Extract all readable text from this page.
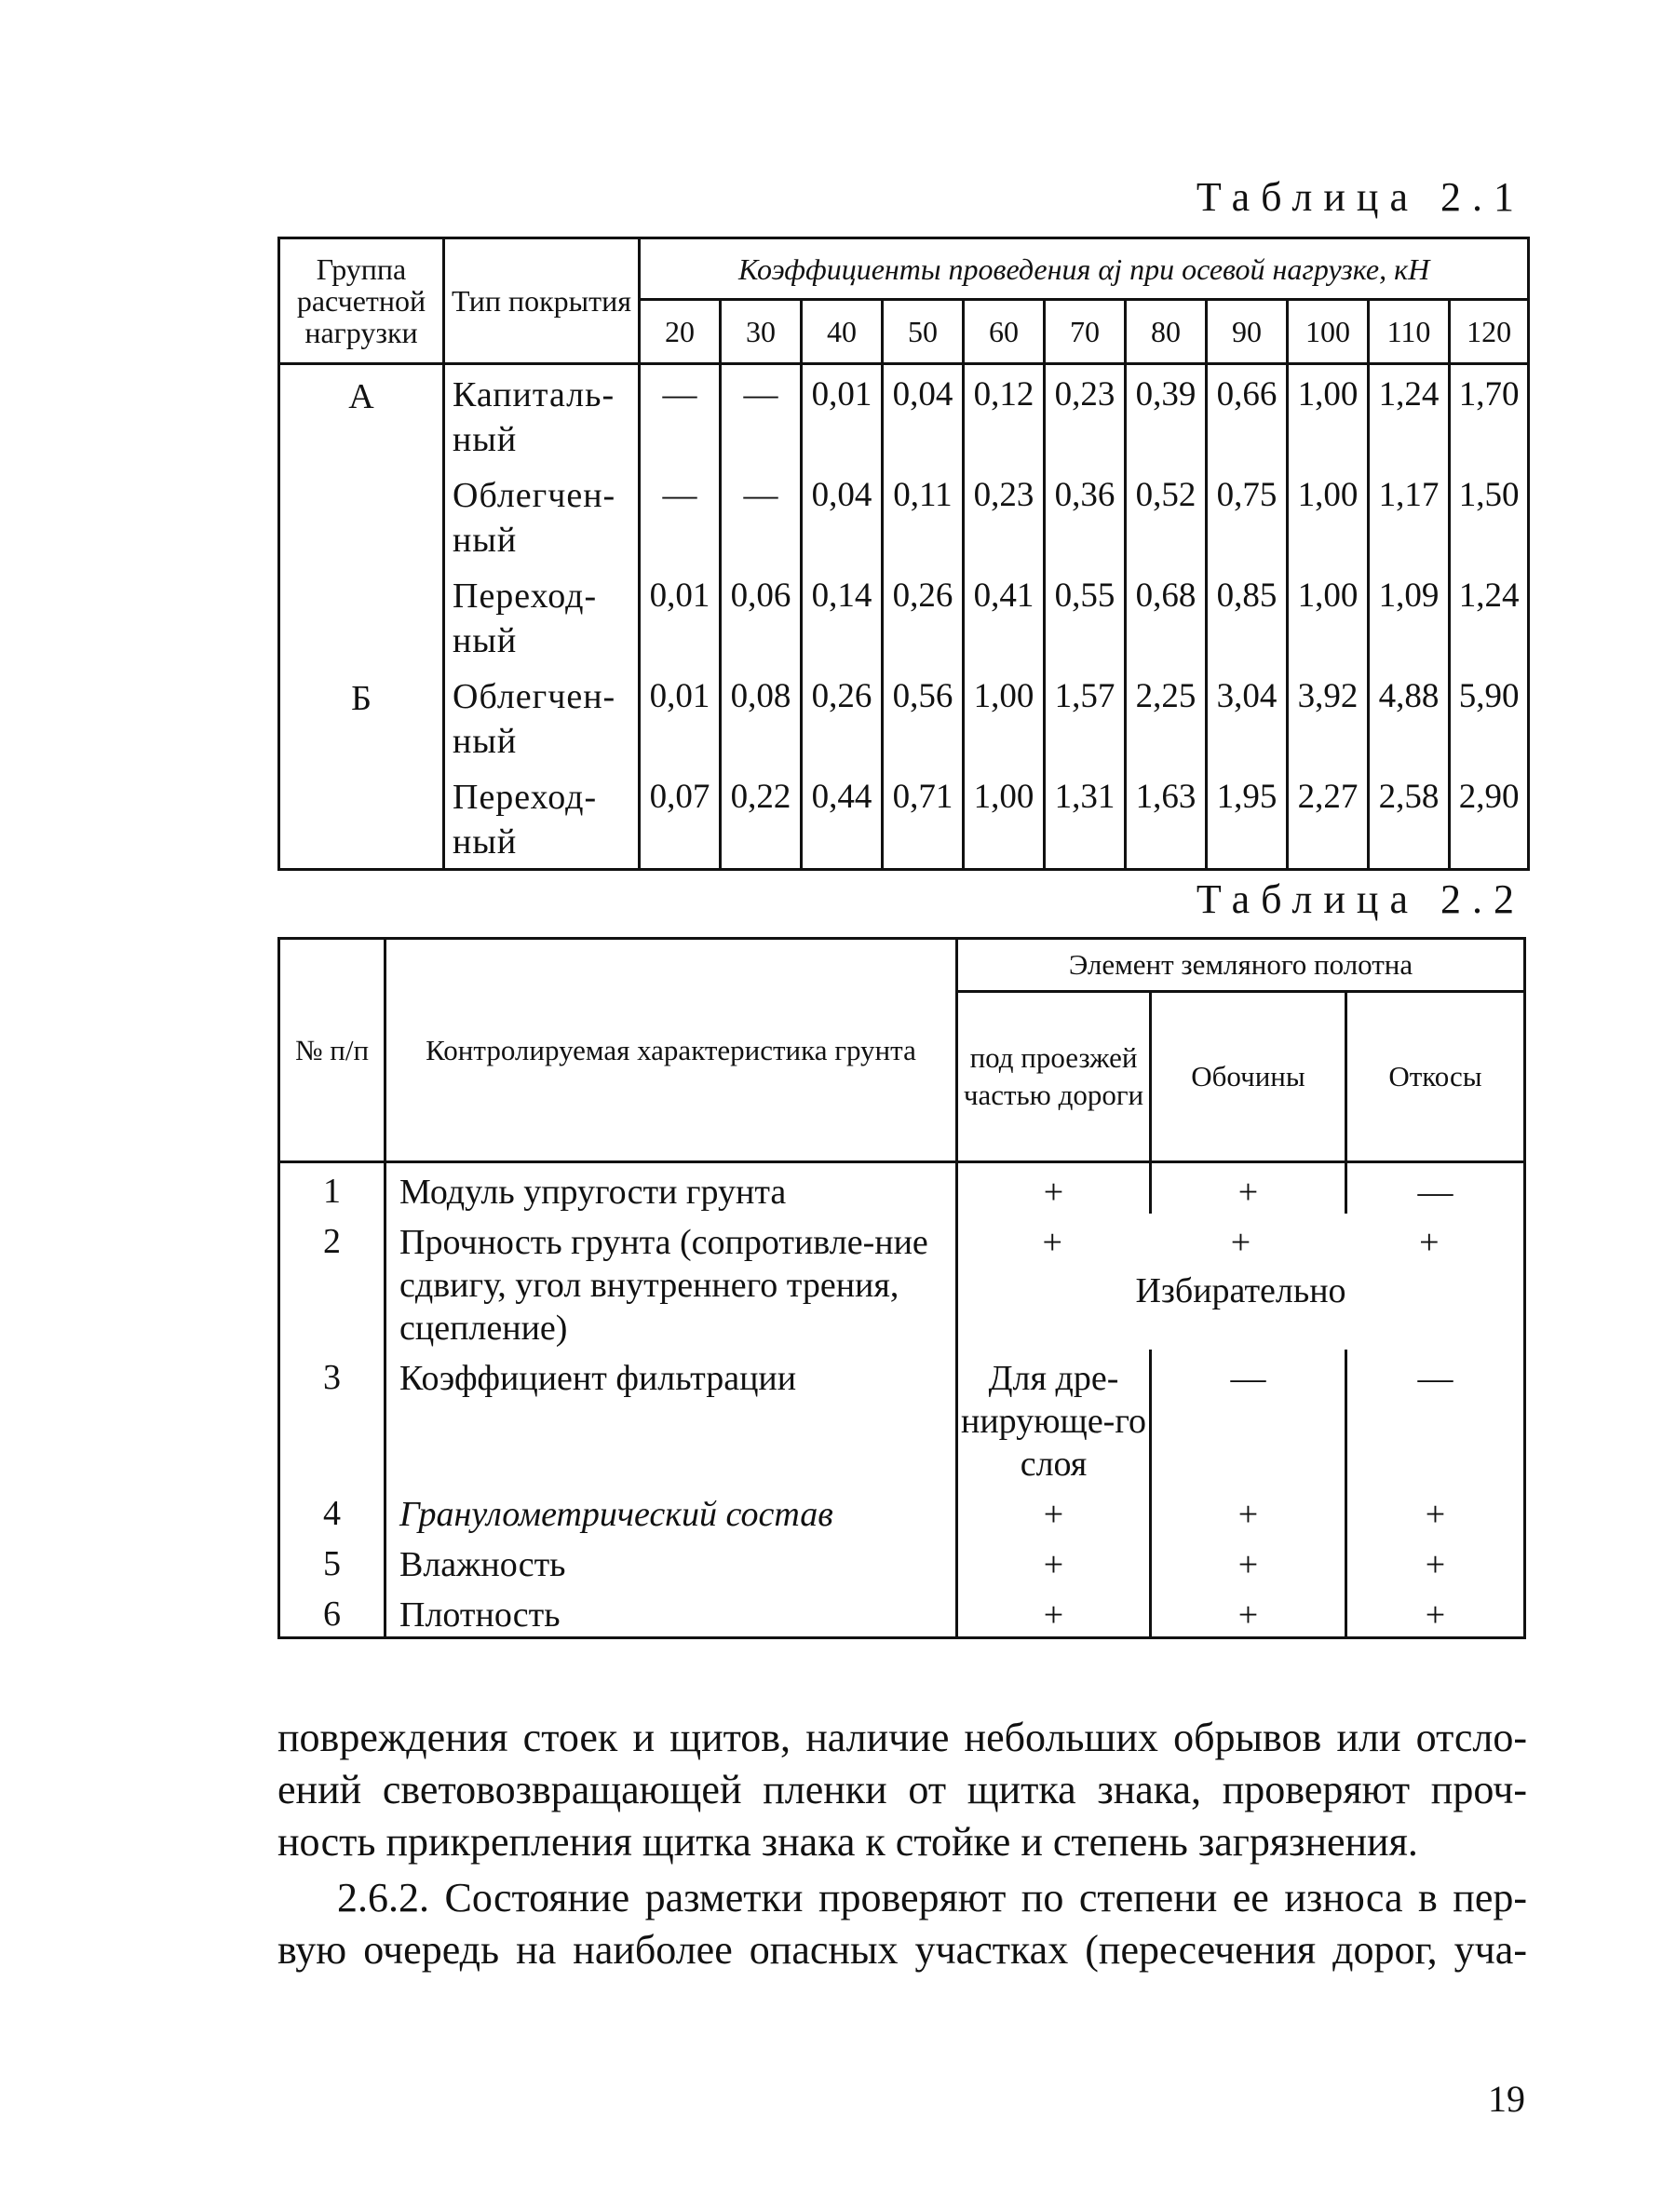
Таблица 2.1
Группа расчетной нагрузки	Тип покрытия	Коэффициенты проведения αj при осевой нагрузке, кН										
		20	30	40	50	60	70	80	90	100	110	120
А	Капиталь-ный	—	—	0,01	0,04	0,12	0,23	0,39	0,66	1,00	1,24	1,70
	Облегчен-ный	—	—	0,04	0,11	0,23	0,36	0,52	0,75	1,00	1,17	1,50
	Переход-ный	0,01	0,06	0,14	0,26	0,41	0,55	0,68	0,85	1,00	1,09	1,24
Б	Облегчен-ный	0,01	0,08	0,26	0,56	1,00	1,57	2,25	3,04	3,92	4,88	5,90
	Переход-ный	0,07	0,22	0,44	0,71	1,00	1,31	1,63	1,95	2,27	2,58	2,90
Таблица 2.2
№ п/п	Контролируемая характеристика грунта	Элемент земляного полотна		
		под проезжей частью дороги	Обочины	Откосы
1	Модуль упругости грунта	+	+	—
2	Прочность грунта (сопротивле-ние сдвигу, угол внутреннего трения, сцепление)	+ + +
Избирательно		

3	Коэффициент фильтрации	Для дре-нирующе-го слоя	—	—
4	Гранулометрический состав	+	+	+
5	Влажность	+	+	+
6	Плотность	+	+	+
повреждения стоек и щитов, наличие небольших обрывов или отсло-
ений световозвращающей пленки от щитка знака, проверяют проч-
ность прикрепления щитка знака к стойке и степень загрязнения.
2.6.2. Состояние разметки проверяют по степени ее износа в пер-
вую очередь на наиболее опасных участках (пересечения дорог, уча-
19
